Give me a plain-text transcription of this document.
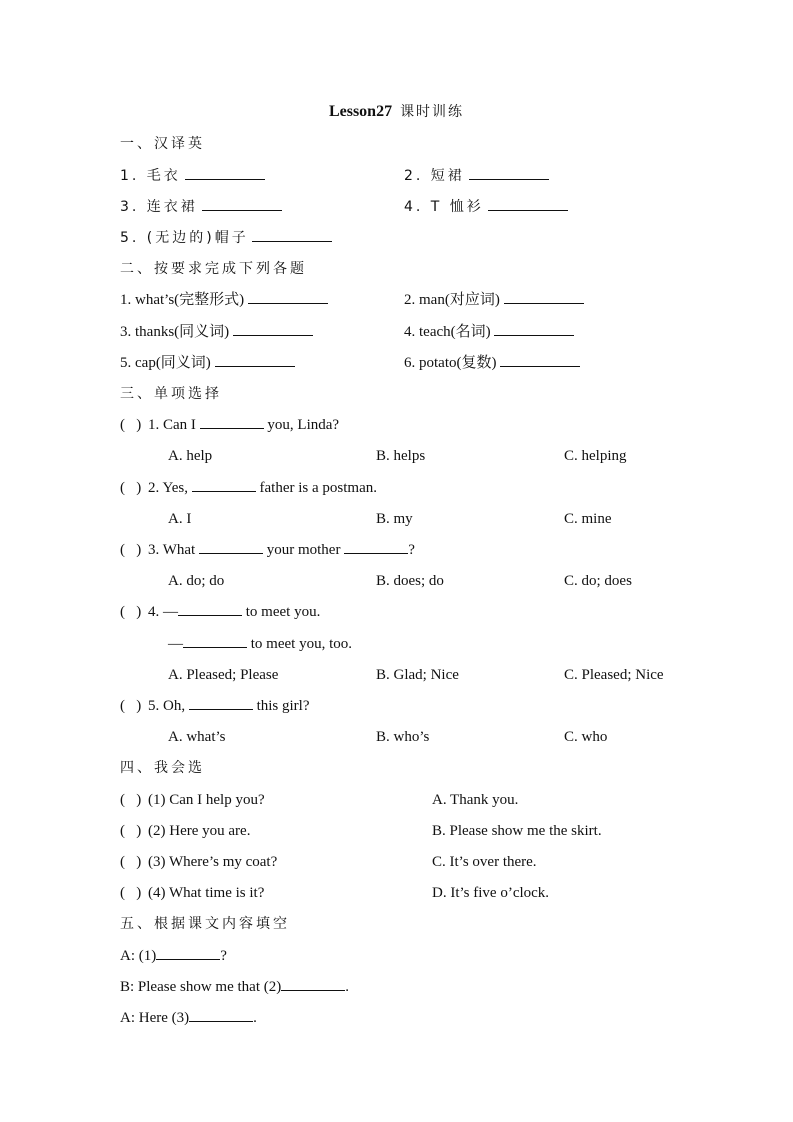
Lesson27 课时训练
一、汉译英
1. 毛衣	2. 短裙
3. 连衣裙	4. T 恤衫
5. (无边的)帽子
二、按要求完成下列各题
1. what’s(完整形式)	2. man(对应词)
3. thanks(同义词)	4. teach(名词)
5. cap(同义词)	6. potato(复数)
三、单项选择
( ) 1. Can I	you, Linda?
A. help	B. helps	C. helping
( ) 2. Yes,	father is a postman.
A. I	B. my	C. mine
( ) 3. What	your mother	?
A. do; do	B. does; do	C. do; does
( ) 4. —	to meet you.
—	to meet you, too.
A. Pleased; Please	B. Glad; Nice	C. Pleased; Nice
( ) 5. Oh,	this girl?
A. what’s	B. who’s	C. who
四、我会选
(   ) (1) Can I help you?	A. Thank you.
(   ) (2) Here you are.	B. Please show me the skirt.
(   ) (3) Where’s my coat?	C. It’s over there.
(   ) (4) What time is it?	D. It’s five o’clock.
五、根据课文内容填空
A: (1)	?
B: Please show me that (2)	.
A: Here (3)	.
